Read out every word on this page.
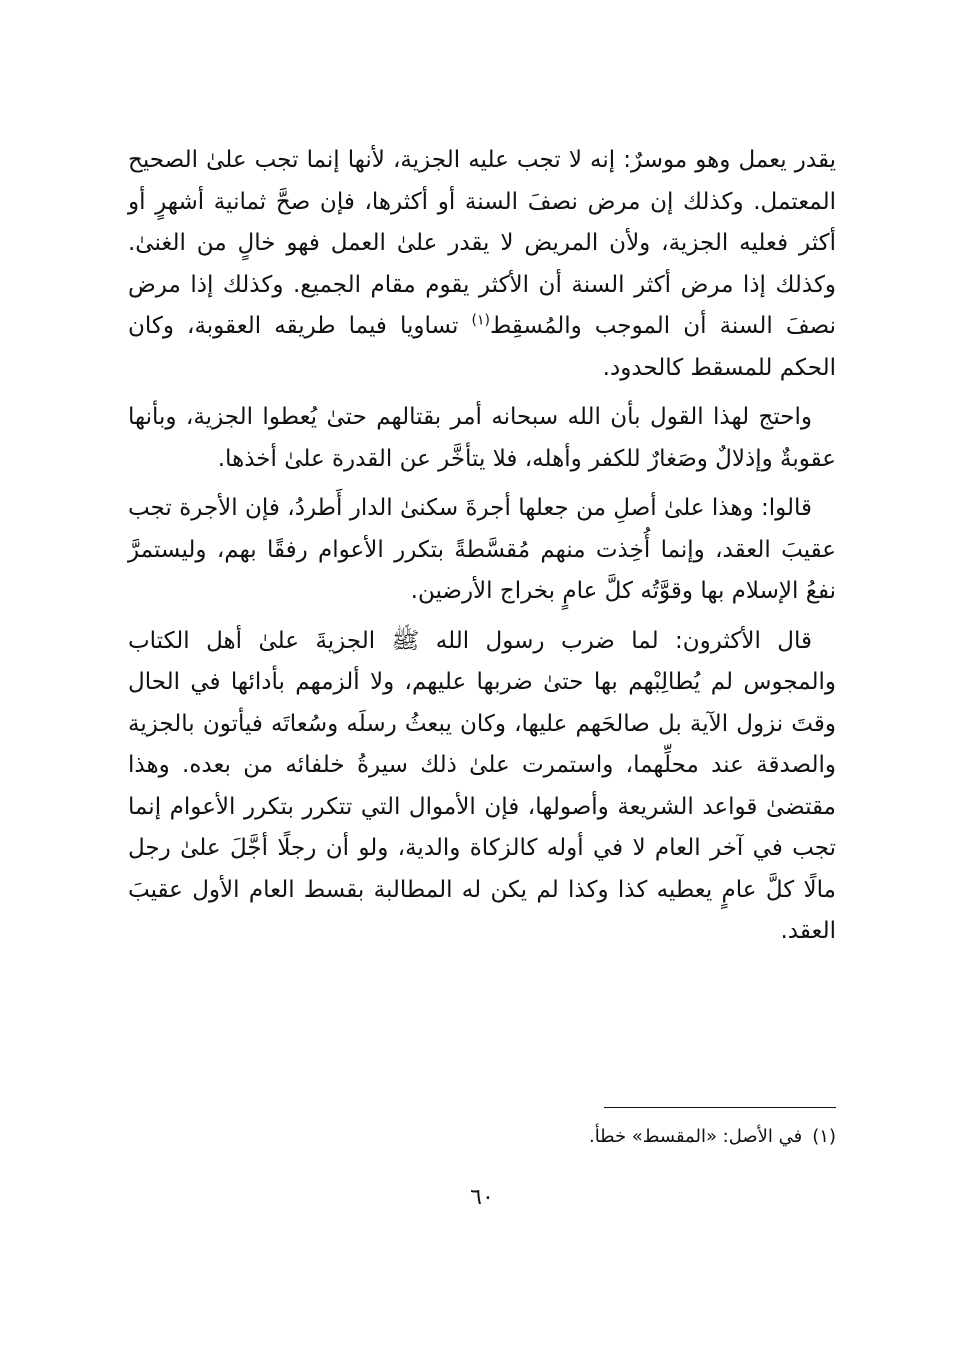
يقدر يعمل وهو موسرٌ: إنه لا تجب عليه الجزية، لأنها إنما تجب علىٰ الصحيح المعتمل. وكذلك إن مرض نصفَ السنة أو أكثرها، فإن صحَّ ثمانية أشهرٍ أو أكثر فعليه الجزية، ولأن المريض لا يقدر علىٰ العمل فهو خالٍ من الغنىٰ. وكذلك إذا مرض أكثر السنة أن الأكثر يقوم مقام الجميع. وكذلك إذا مرض نصفَ السنة أن الموجب والمُسقِط$^{(١)}$ تساويا فيما طريقه العقوبة، وكان الحكم للمسقط كالحدود.

واحتج لهذا القول بأن الله سبحانه أمر بقتالهم حتىٰ يُعطوا الجزية، وبأنها عقوبةٌ وإذلالٌ وصَغارٌ للكفر وأهله، فلا يتأخَّر عن القدرة علىٰ أخذها.

قالوا: وهذا علىٰ أصلِ من جعلها أجرةَ سكنىٰ الدار أَطردُ، فإن الأجرة تجب عقيبَ العقد، وإنما أُخِذت منهم مُقسَّطةً بتكرر الأعوام رفقًا بهم، وليستمرَّ نفعُ الإسلام بها وقوَّتُه كلَّ عامٍ بخراج الأرضين.

قال الأكثرون: لما ضرب رسول الله ﷺ الجزيةَ علىٰ أهل الكتاب والمجوس لم يُطالِبْهم بها حتىٰ ضربها عليهم، ولا ألزمهم بأدائها في الحال وقتَ نزول الآية بل صالحَهم عليها، وكان يبعثُ رسلَه وسُعاتَه فيأتون بالجزية والصدقة عند محلِّهما، واستمرت علىٰ ذلك سيرةُ خلفائه من بعده. وهذا مقتضىٰ قواعد الشريعة وأصولها، فإن الأموال التي تتكرر بتكرر الأعوام إنما تجب في آخر العام لا في أوله كالزكاة والدية، ولو أن رجلًا أجَّلَ علىٰ رجل مالًا كلَّ عامٍ يعطيه كذا وكذا لم يكن له المطالبة بقسط العام الأول عقيبَ العقد.

(١)في الأصل: «المقسط» خطأ.
٦٠
